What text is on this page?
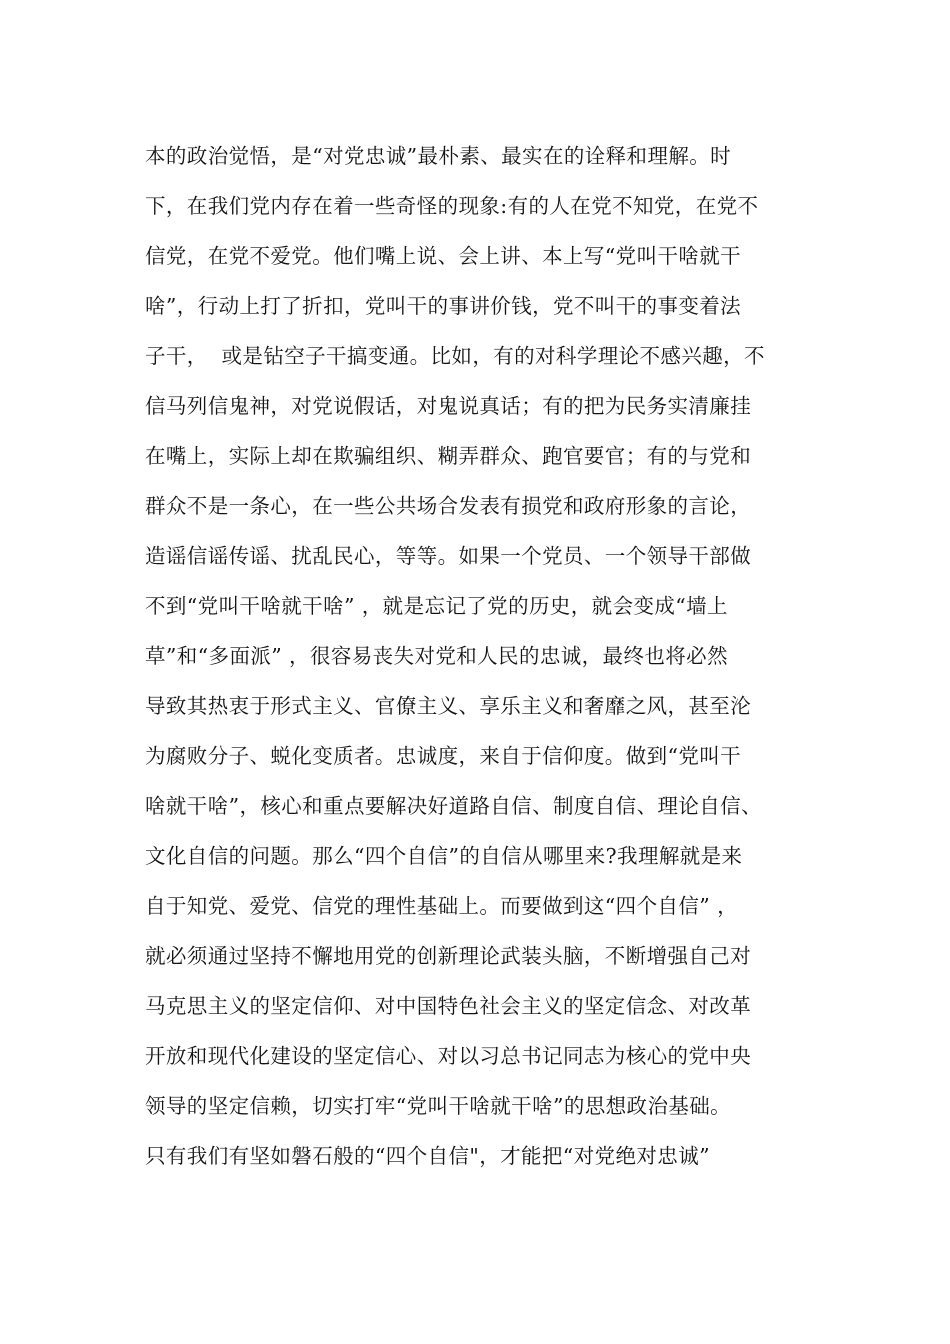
本的政治觉悟，是“对党忠诚”最朴素、最实在的诠释和理解。时
下，在我们党内存在着一些奇怪的现象:有的人在党不知党，在党不
信党，在党不爱党。他们嘴上说、会上讲、本上写“党叫干啥就干
啥”，行动上打了折扣，党叫干的事讲价钱，党不叫干的事变着法
子干，  或是钻空子干搞变通。比如，有的对科学理论不感兴趣，不
信马列信鬼神，对党说假话，对鬼说真话；有的把为民务实清廉挂
在嘴上，实际上却在欺骗组织、糊弄群众、跑官要官；有的与党和
群众不是一条心，在一些公共场合发表有损党和政府形象的言论，
造谣信谣传谣、扰乱民心，等等。如果一个党员、一个领导干部做
不到“党叫干啥就干啥” ，就是忘记了党的历史，就会变成“墙上
草”和“多面派” ，很容易丧失对党和人民的忠诚，最终也将必然
导致其热衷于形式主义、官僚主义、享乐主义和奢靡之风，甚至沦
为腐败分子、蜕化变质者。忠诚度，来自于信仰度。做到“党叫干
啥就干啥”，核心和重点要解决好道路自信、制度自信、理论自信、
文化自信的问题。那么“四个自信”的自信从哪里来?我理解就是来
自于知党、爱党、信党的理性基础上。而要做到这“四个自信” ，
就必须通过坚持不懈地用党的创新理论武装头脑，不断增强自己对
马克思主义的坚定信仰、对中国特色社会主义的坚定信念、对改革
开放和现代化建设的坚定信心、对以习总书记同志为核心的党中央
领导的坚定信赖，切实打牢“党叫干啥就干啥”的思想政治基础。
只有我们有坚如磐石般的“四个自信"，才能把“对党绝对忠诚”
